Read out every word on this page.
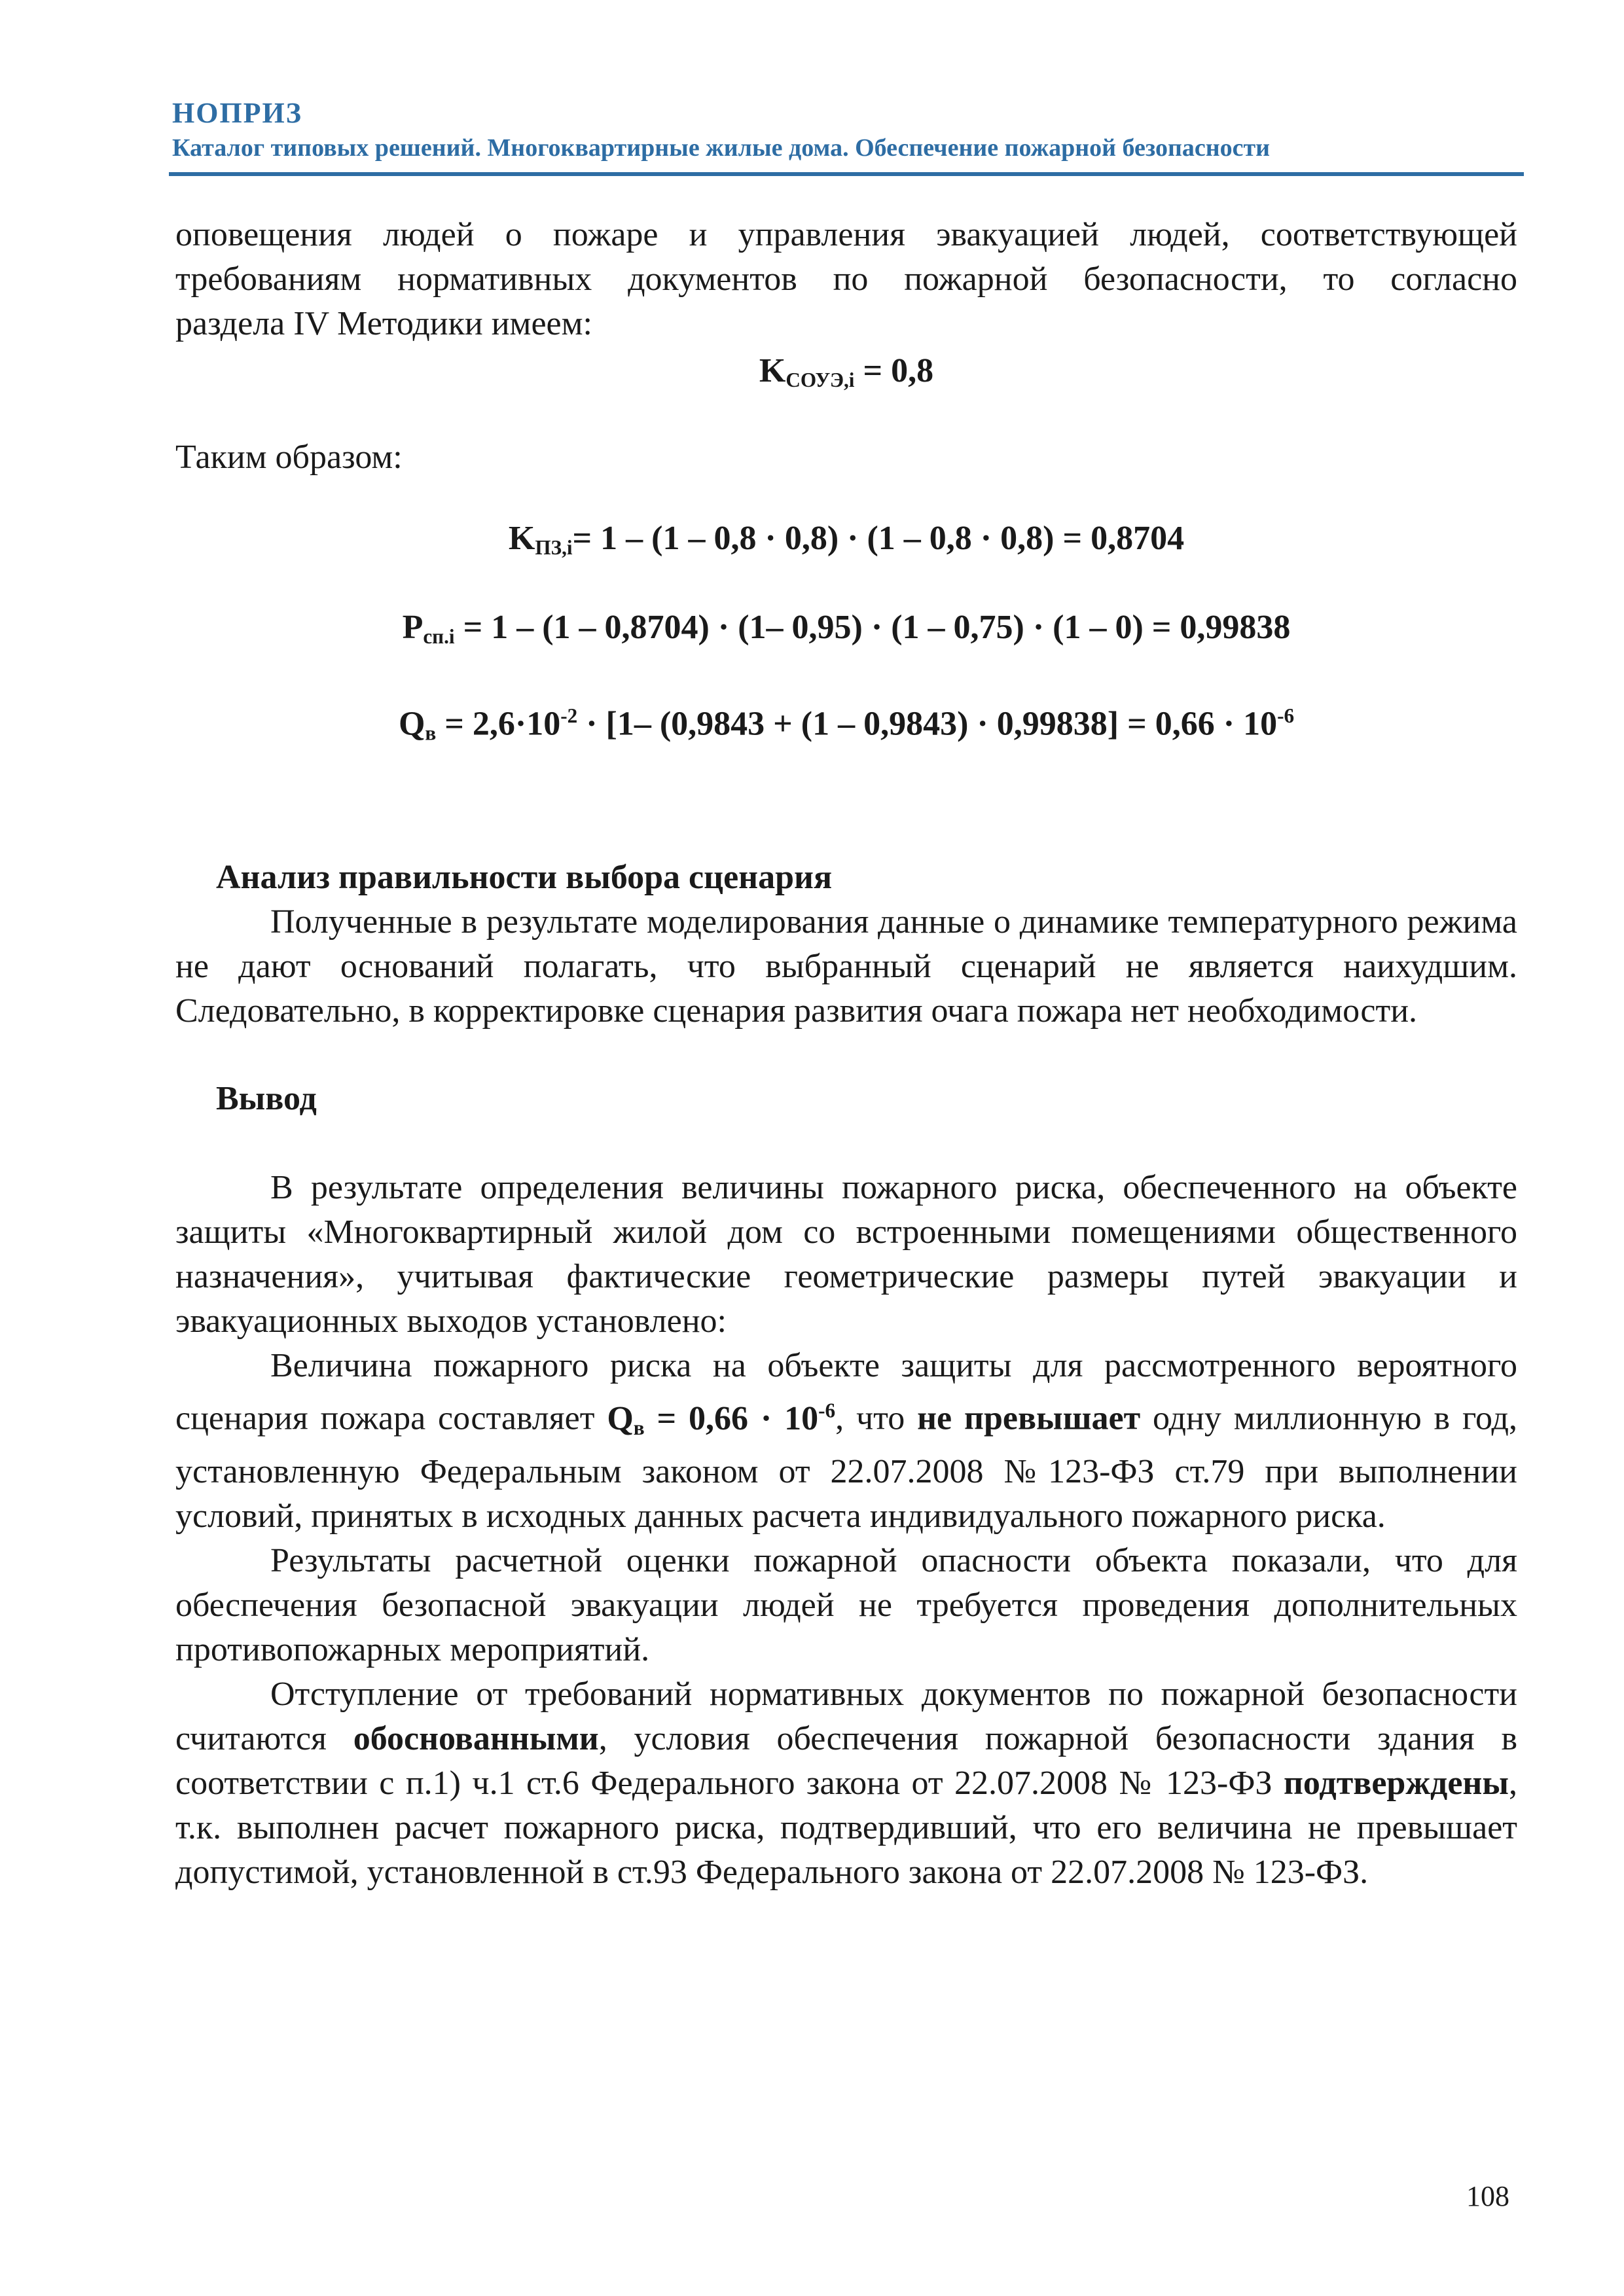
НОПРИЗ
Каталог типовых решений. Многоквартирные жилые дома. Обеспечение пожарной безопасности

оповещения людей о пожаре и управления эвакуацией людей, соответствующей

требованиям нормативных документов по пожарной безопасности, то согласно

раздела IV Методики имеем:

$K_{СОУЭ,i} = 0,8$

Таким образом:

$K_{ПЗ,i}= 1 - (1 - 0,8 \cdot 0,8) \cdot (1 - 0,8 \cdot 0,8) = 0,8704$

$P_{сп.i} = 1 - (1 - 0,8704) \cdot (1-$ 0,95) · (1 – 0,75) · (1 – 0) = 0,99838

$Q_в = 2,6\cdot 10^{-2} \cdot [1-$ $(0,9843 + (1 - 0,9843) \cdot 0,99838] = 0,66 \cdot 10^{-6}$

Анализ правильности выбора сценария

Полученные в результате моделирования данные о динамике температурного режима не дают оснований полагать, что выбранный сценарий не является наихудшим. Следовательно, в корректировке сценария развития очага пожара нет необходимости.

Вывод

В результате определения величины пожарного риска, обеспеченного на объекте защиты «Многоквартирный жилой дом со встроенными помещениями общественного назначения», учитывая фактические геометрические размеры путей эвакуации и эвакуационных выходов установлено:

Величина пожарного риска на объекте защиты для рассмотренного вероятного сценария пожара составляет $Q_в = 0,66 \cdot 10^{-6}$, что не превышает одну миллионную в год, установленную Федеральным законом от 22.07.2008 №123-ФЗ ст.79 при выполнении условий, принятых в исходных данных расчета индивидуального пожарного риска.

Результаты расчетной оценки пожарной опасности объекта показали, что для обеспечения безопасной эвакуации людей не требуется проведения дополнительных противопожарных мероприятий.

Отступление от требований нормативных документов по пожарной безопасности считаются обоснованными, условия обеспечения пожарной безопасности здания в соответствии с п.1) ч.1 ст.6 Федерального закона от 22.07.2008 № 123-ФЗ подтверждены, т.к. выполнен расчет пожарного риска, подтвердивший, что его величина не превышает допустимой, установленной в ст.93 Федерального закона от 22.07.2008 № 123-ФЗ.

108
